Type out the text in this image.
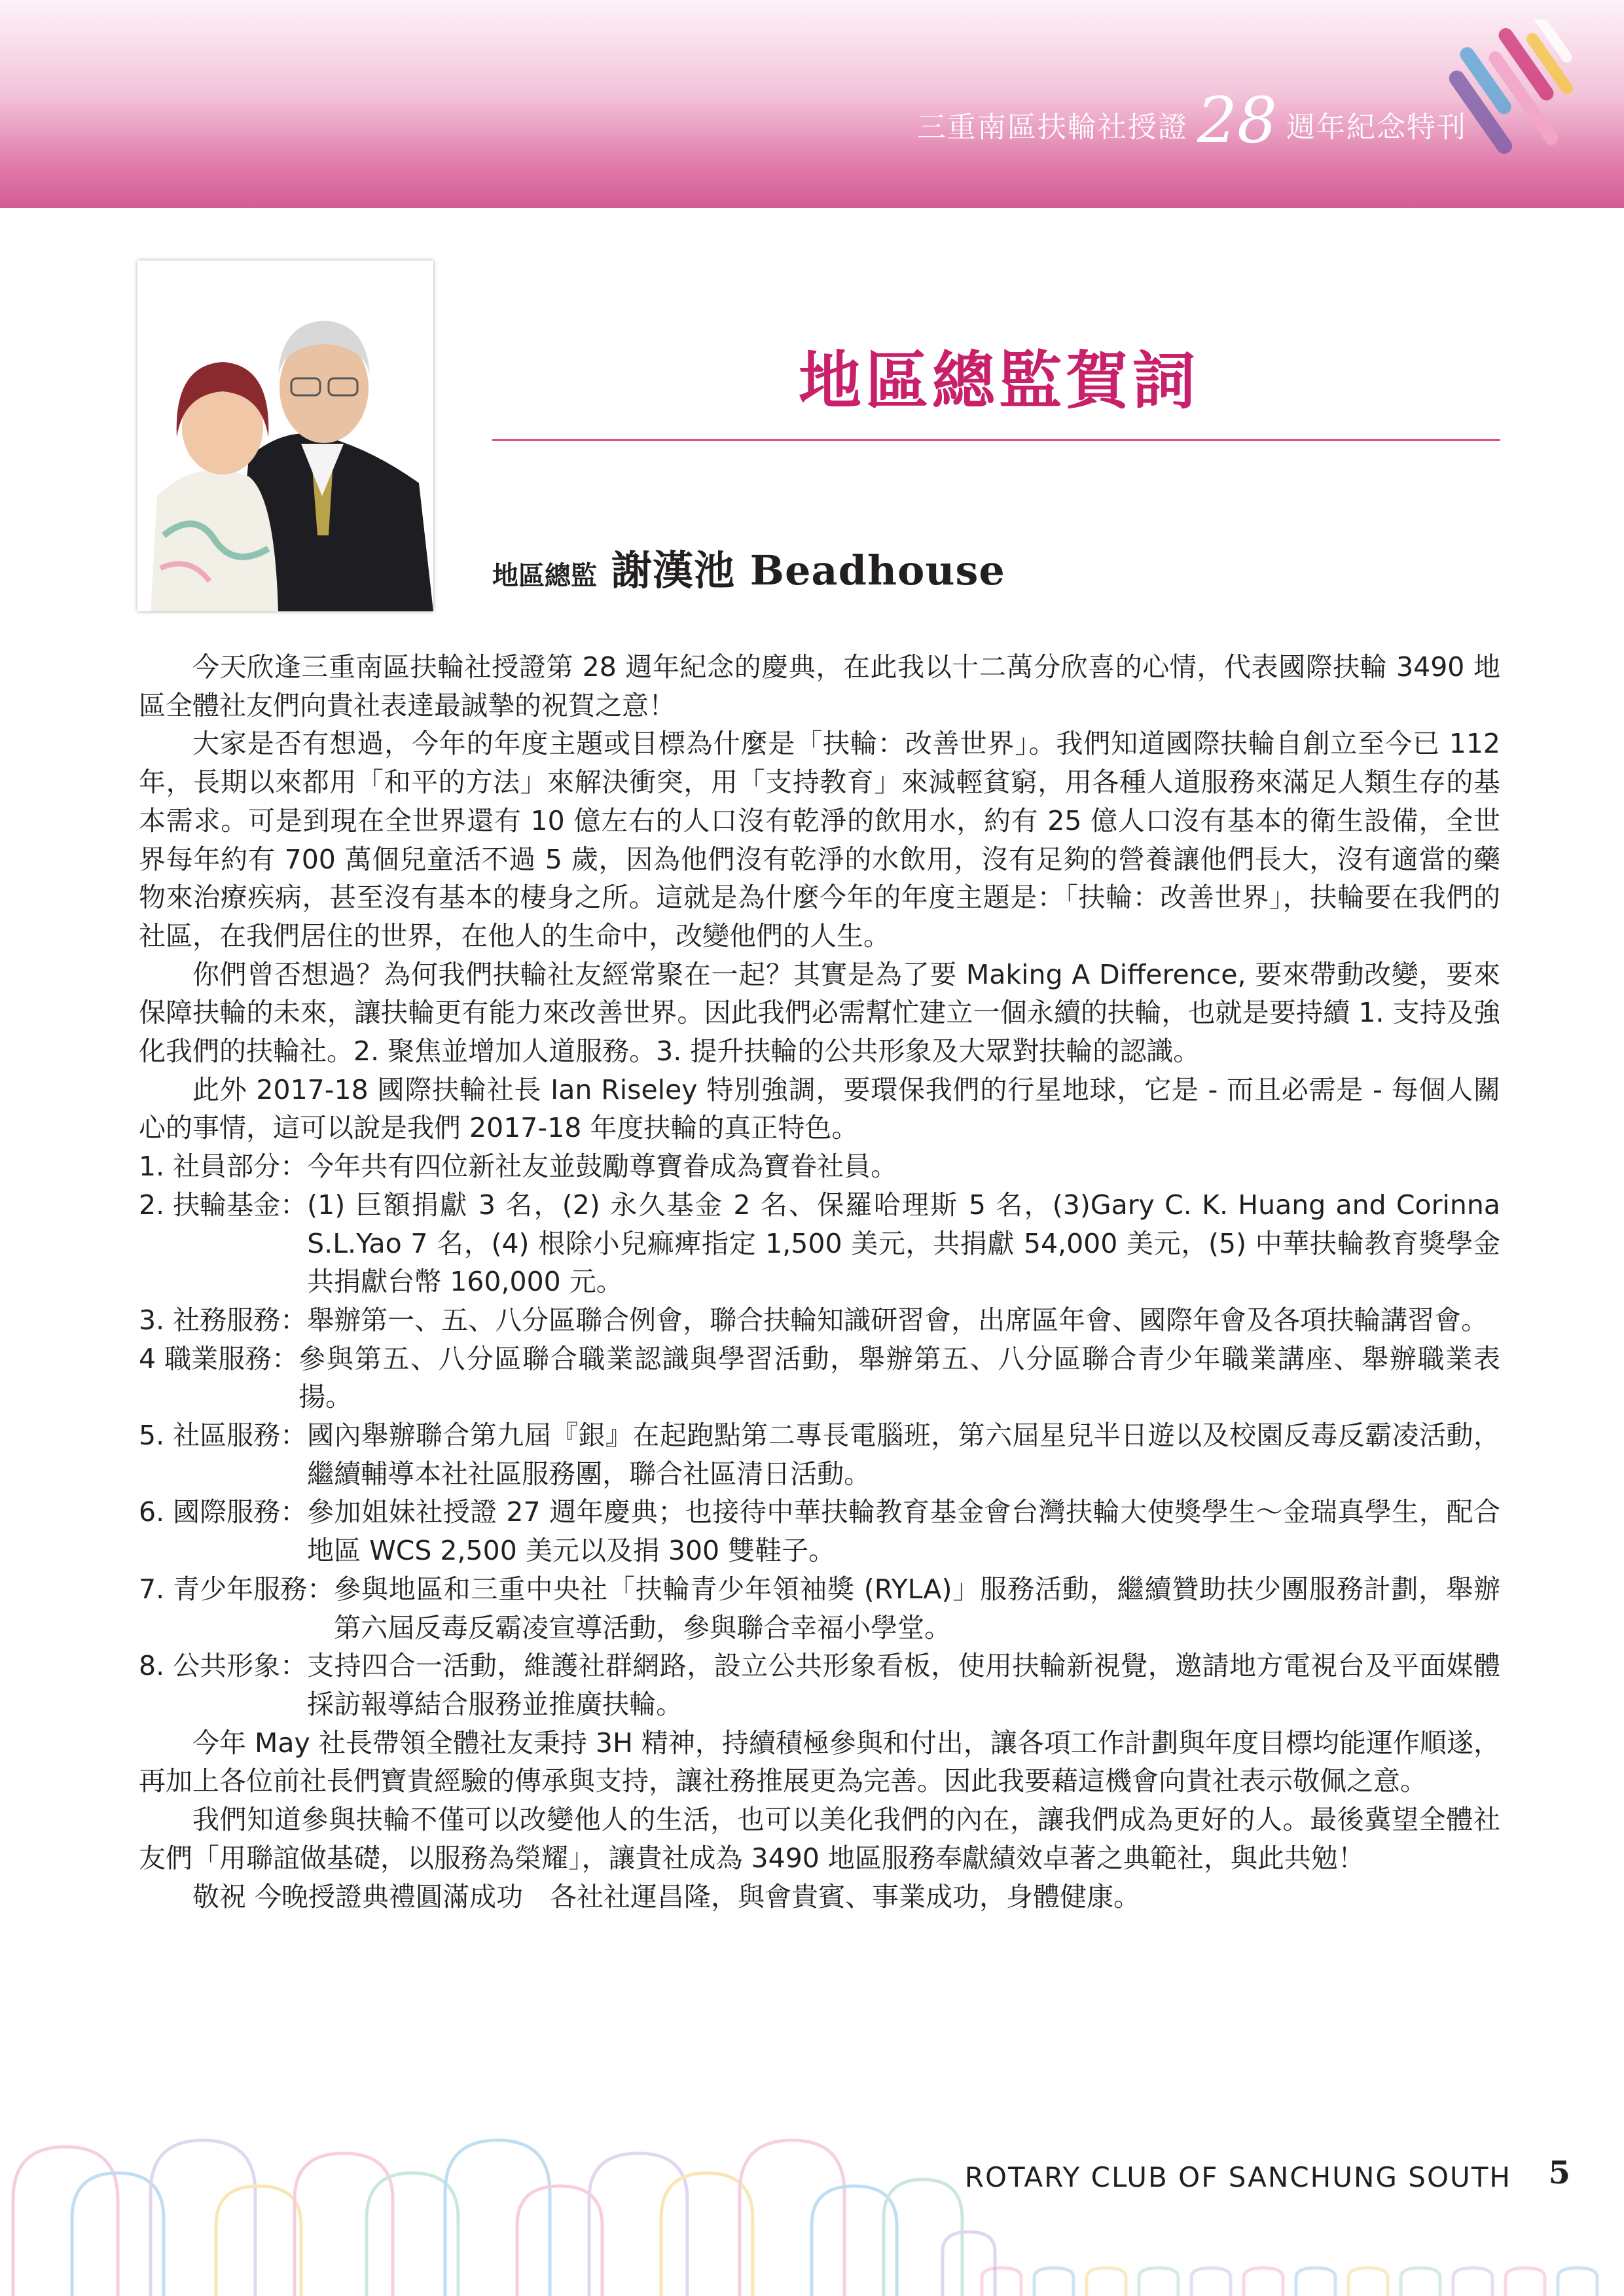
三重南區扶輪社授證 28 週年紀念特刊
地區總監賀詞
地區總監 謝漢池 Beadhouse

今天欣逢三重南區扶輪社授證第 28 週年紀念的慶典，在此我以十二萬分欣喜的心情，代表國際扶輪 3490 地區全體社友們向貴社表達最誠摯的祝賀之意！

大家是否有想過，今年的年度主題或目標為什麼是「扶輪：改善世界」。我們知道國際扶輪自創立至今已 112 年，長期以來都用「和平的方法」來解決衝突，用「支持教育」來減輕貧窮，用各種人道服務來滿足人類生存的基本需求。可是到現在全世界還有 10 億左右的人口沒有乾淨的飲用水，約有 25 億人口沒有基本的衛生設備，全世界每年約有 700 萬個兒童活不過 5 歲，因為他們沒有乾淨的水飲用，沒有足夠的營養讓他們長大，沒有適當的藥物來治療疾病，甚至沒有基本的棲身之所。這就是為什麼今年的年度主題是：「扶輪：改善世界」，扶輪要在我們的社區，在我們居住的世界，在他人的生命中，改變他們的人生。

你們曾否想過？為何我們扶輪社友經常聚在一起？其實是為了要 Making A Difference, 要來帶動改變，要來保障扶輪的未來，讓扶輪更有能力來改善世界。因此我們必需幫忙建立一個永續的扶輪，也就是要持續 1. 支持及強化我們的扶輪社。2. 聚焦並增加人道服務。3. 提升扶輪的公共形象及大眾對扶輪的認識。

此外 2017-18 國際扶輪社長 Ian Riseley 特別強調，要環保我們的行星地球，它是 - 而且必需是 - 每個人關心的事情，這可以說是我們 2017-18 年度扶輪的真正特色。

1. 社員部分： 今年共有四位新社友並鼓勵尊寶眷成為寶眷社員。
2. 扶輪基金： (1) 巨額捐獻 3 名，(2) 永久基金 2 名、保羅哈理斯 5 名，(3)Gary C. K. Huang and Corinna S.L.Yao 7 名，(4) 根除小兒痲痺指定 1,500 美元，共捐獻 54,000 美元，(5) 中華扶輪教育獎學金共捐獻台幣 160,000 元。
3. 社務服務： 舉辦第一、五、八分區聯合例會，聯合扶輪知識研習會，出席區年會、國際年會及各項扶輪講習會。
4 職業服務： 參與第五、八分區聯合職業認識與學習活動，舉辦第五、八分區聯合青少年職業講座、舉辦職業表揚。
5. 社區服務： 國內舉辦聯合第九屆『銀』在起跑點第二專長電腦班，第六屆星兒半日遊以及校園反毒反霸凌活動，繼續輔導本社社區服務團，聯合社區清日活動。
6. 國際服務： 參加姐妹社授證 27 週年慶典；也接待中華扶輪教育基金會台灣扶輪大使獎學生～金瑞真學生，配合地區 WCS 2,500 美元以及捐 300 雙鞋子。
7. 青少年服務： 參與地區和三重中央社「扶輪青少年領袖獎 (RYLA)」服務活動，繼續贊助扶少團服務計劃，舉辦第六屆反毒反霸凌宣導活動，參與聯合幸福小學堂。
8. 公共形象： 支持四合一活動，維護社群網路，設立公共形象看板，使用扶輪新視覺，邀請地方電視台及平面媒體採訪報導結合服務並推廣扶輪。

今年 May 社長帶領全體社友秉持 3H 精神，持續積極參與和付出，讓各項工作計劃與年度目標均能運作順遂，再加上各位前社長們寶貴經驗的傳承與支持，讓社務推展更為完善。因此我要藉這機會向貴社表示敬佩之意。

我們知道參與扶輪不僅可以改變他人的生活，也可以美化我們的內在，讓我們成為更好的人。最後冀望全體社友們「用聯誼做基礎，以服務為榮耀」，讓貴社成為 3490 地區服務奉獻績效卓著之典範社，與此共勉！

敬祝 今晚授證典禮圓滿成功　各社社運昌隆，與會貴賓、事業成功，身體健康。

ROTARY CLUB OF SANCHUNG SOUTH 5
